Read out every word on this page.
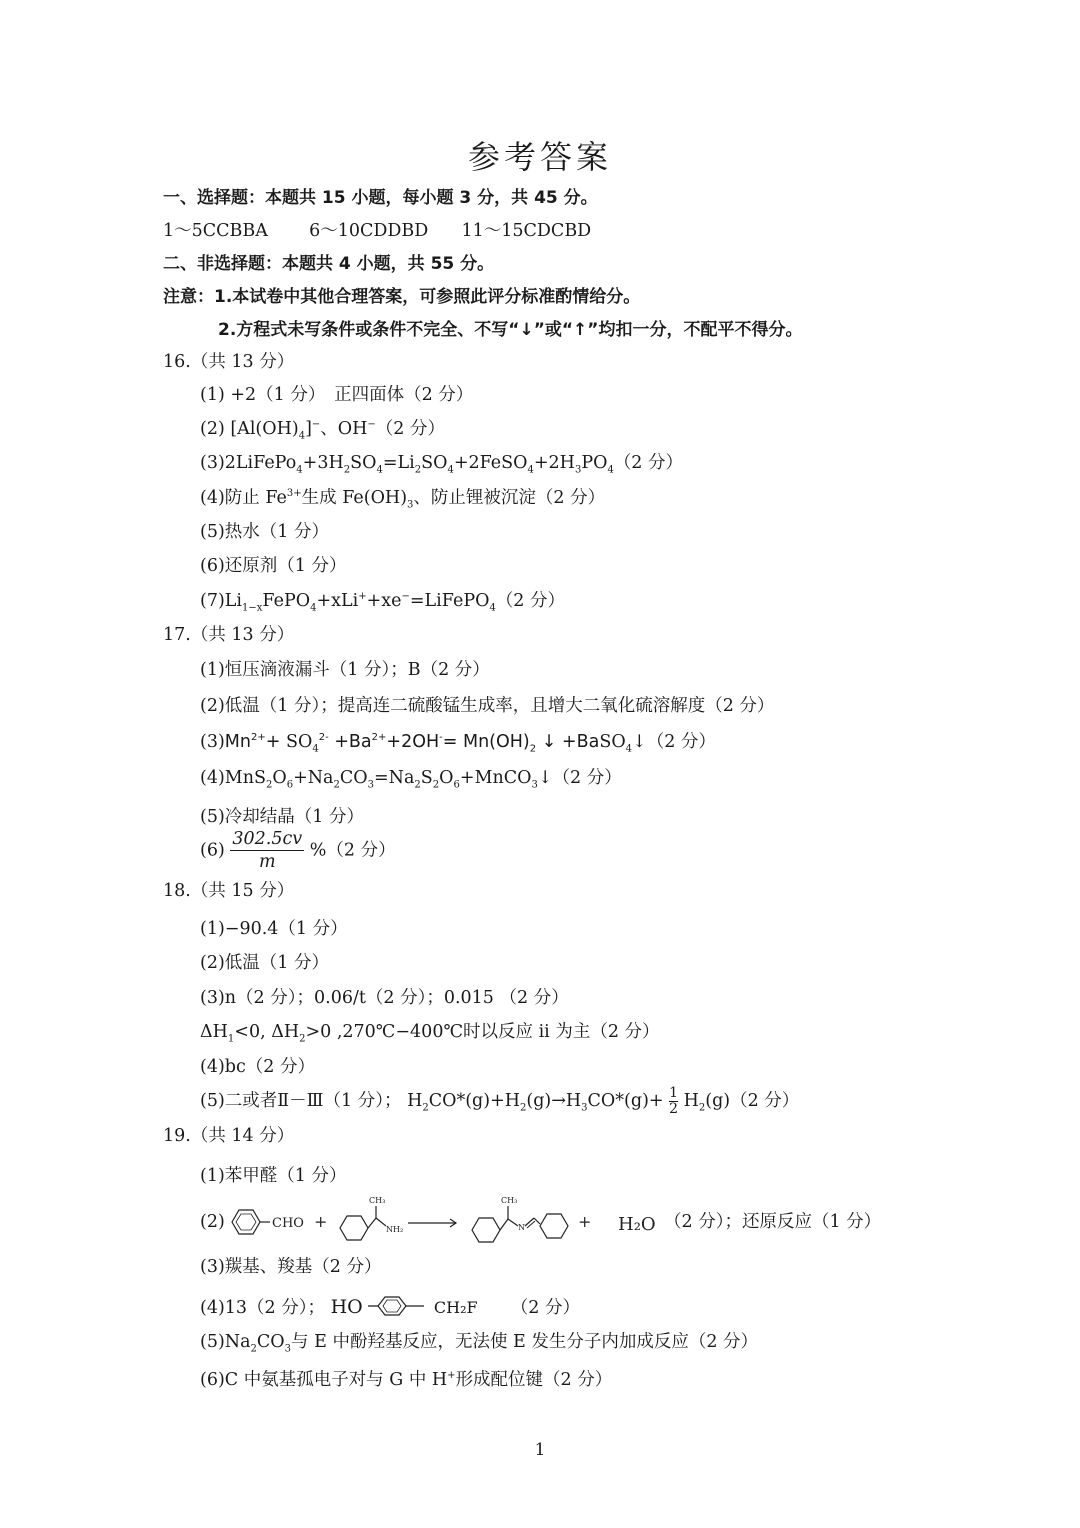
参考答案
一、选择题：本题共 15 小题，每小题 3 分，共 45 分。
1～5CCBBA 6～10CDDBD 11～15CDCBD
二、非选择题：本题共 4 小题，共 55 分。
注意：1.本试卷中其他合理答案，可参照此评分标准酌情给分。
2.方程式未写条件或条件不完全、不写“↓”或“↑”均扣一分，不配平不得分。
16.（共 13 分）
(1) +2（1 分）　正四面体（2 分）
(2) $[Al(OH)_4]^-$、OH−（2 分）
$(3)2LiFePo_4+3H_2SO_4=Li_2SO_4+2FeSO_4+2H_3PO_4(2$ 分）
(4)防止 $Fe^{3+}$生成 $Fe(OH)_3$、防止锂被沉淀（2 分）
(5)热水（1 分）
(6)还原剂（1 分）
$(7)Li_{1-x}FePO_4+xLi^++xe^-=LiFePO_4(2$ 分）
17.（共 13 分）
(1)恒压滴液漏斗（1 分）；B（2 分）
(2)低温（1 分）；提高连二硫酸锰生成率，且增大二氧化硫溶解度（2 分）
$(3)Mn^{2+}+ SO_4^{2-} +Ba^{2+}+2OH^-= Mn(OH)_2$ ↓ +BaSO$_4$↓（2 分）
$(4)MnS_2O_6+Na_2CO_3=Na_2S_2O_6+MnCO_3↓(2$ 分）
(5)冷却结晶（1 分）
$(6) \frac{302.5cv}{m} \%(2$ 分）
18.（共 15 分）
(1)−90.4（1 分）
(2)低温（1 分）
(3)n（2 分）；0.06/t（2 分）；0.015 （2 分）
$\Delta H_1<0$, $\Delta H_2>0$ ,270℃−400℃时以反应 ii 为主（2 分）
(4)bc（2 分）
(5)二或者Ⅱ－Ⅲ（1 分）； $H_2CO*(g)+H_2(g)\to H_3CO*(g)+ \frac{1}{2} H_2(g)(2$ 分）
19.（共 14 分）
(1)苯甲醛（1 分）
(2)	CHO +
CH₃
NH₂
CH₃
N	+ H₂O （2 分）；还原反应（1 分）
(3)羰基、羧基（2 分）
(4)13（2 分）； HO	CH₂F （2 分）
$(5)Na_2CO_3$与 E 中酚羟基反应，无法使 E 发生分子内加成反应（2 分）
(6)C 中氨基孤电子对与 G 中 H+形成配位键（2 分）
1
